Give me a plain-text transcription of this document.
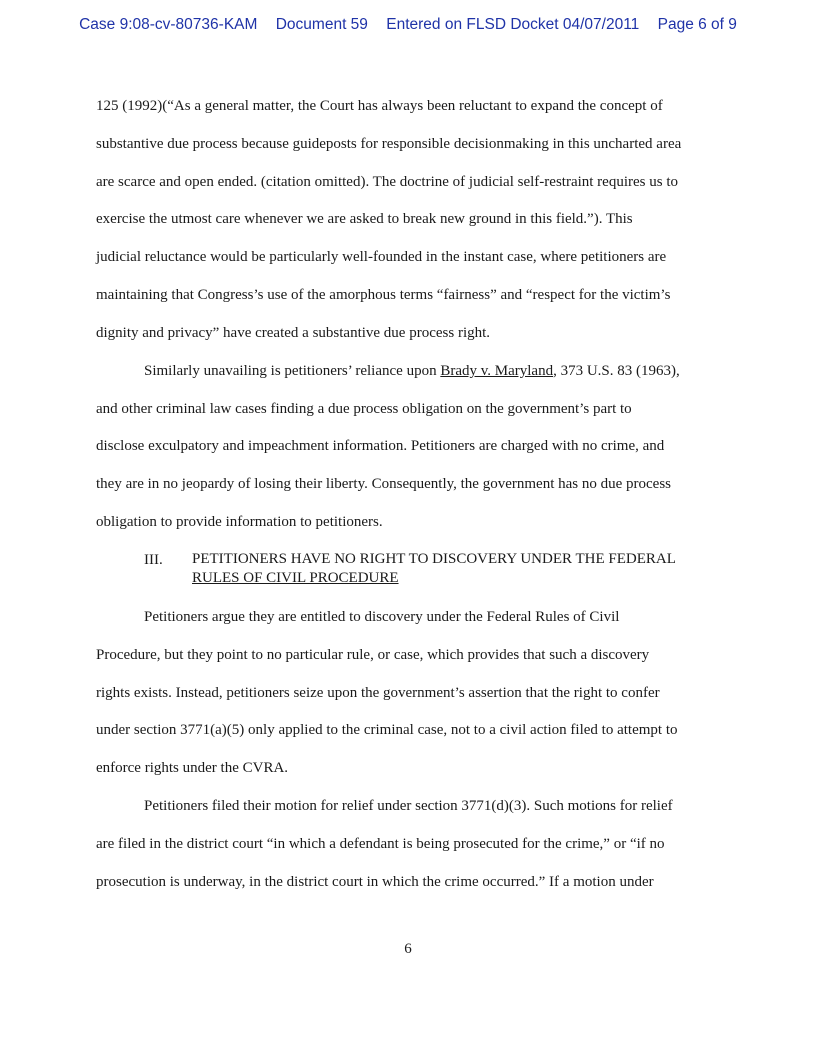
Case 9:08-cv-80736-KAM Document 59 Entered on FLSD Docket 04/07/2011 Page 6 of 9
125 (1992)(“As a general matter, the Court has always been reluctant to expand the concept of
substantive due process because guideposts for responsible decisionmaking in this uncharted area
are scarce and open ended. (citation omitted). The doctrine of judicial self-restraint requires us to
exercise the utmost care whenever we are asked to break new ground in this field.”). This
judicial reluctance would be particularly well-founded in the instant case, where petitioners are
maintaining that Congress’s use of the amorphous terms “fairness” and “respect for the victim’s
dignity and privacy” have created a substantive due process right.
Similarly unavailing is petitioners’ reliance upon Brady v. Maryland, 373 U.S. 83 (1963),
and other criminal law cases finding a due process obligation on the government’s part to
disclose exculpatory and impeachment information. Petitioners are charged with no crime, and
they are in no jeopardy of losing their liberty. Consequently, the government has no due process
obligation to provide information to petitioners.
III. PETITIONERS HAVE NO RIGHT TO DISCOVERY UNDER THE FEDERAL
RULES OF CIVIL PROCEDURE
Petitioners argue they are entitled to discovery under the Federal Rules of Civil
Procedure, but they point to no particular rule, or case, which provides that such a discovery
rights exists. Instead, petitioners seize upon the government’s assertion that the right to confer
under section 3771(a)(5) only applied to the criminal case, not to a civil action filed to attempt to
enforce rights under the CVRA.
Petitioners filed their motion for relief under section 3771(d)(3). Such motions for relief
are filed in the district court “in which a defendant is being prosecuted for the crime,” or “if no
prosecution is underway, in the district court in which the crime occurred.” If a motion under
6
